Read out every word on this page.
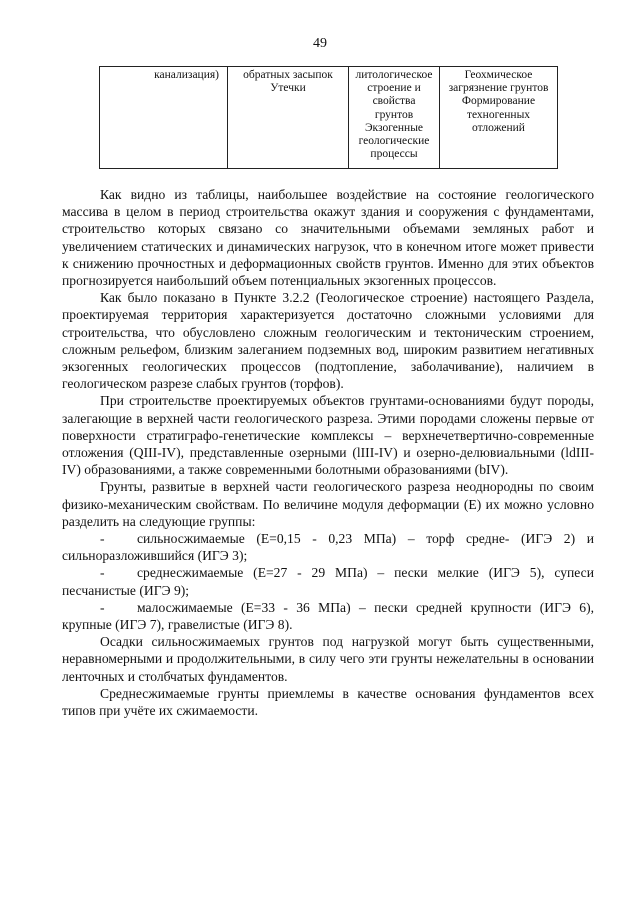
49
канализация)	обратных засыпок Утечки	литологическое строение и свойства грунтов Экзогенные геологические процессы	Геохмическое загрязнение грунтов Формирование техногенных отложений

Как видно из таблицы, наибольшее воздействие на состояние геологического массива в целом в период строительства окажут здания и сооружения с фундаментами, строительство которых связано со значительными объемами земляных работ и увеличением статических и динамических нагрузок, что в конечном итоге может привести к снижению прочностных и деформационных свойств грунтов. Именно для этих объектов прогнозируется наибольший объем потенциальных экзогенных процессов.

Как было показано в Пункте 3.2.2 (Геологическое строение) настоящего Раздела, проектируемая территория характеризуется достаточно сложными условиями для строительства, что обусловлено сложным геологическим и тектоническим строением, сложным рельефом, близким залеганием подземных вод, широким развитием негативных экзогенных геологических процессов (подтопление, заболачивание), наличием в геологическом разрезе слабых грунтов (торфов).

При строительстве проектируемых объектов грунтами-основаниями будут породы, залегающие в верхней части геологического разреза. Этими породами сложены первые от поверхности стратиграфо-генетические комплексы – верхнечетвертично-современные отложения (QIII-IV), представленные озерными (lIII-IV) и озерно-делювиальными (ldIII-IV) образованиями, а также современными болотными образованиями (bIV).

Грунты, развитые в верхней части геологического разреза неоднородны по своим физико-механическим свойствам. По величине модуля деформации (Е) их можно условно разделить на следующие группы:

- сильносжимаемые (Е=0,15 - 0,23 МПа) – торф средне- (ИГЭ 2) и сильноразложившийся (ИГЭ 3);

- среднесжимаемые (Е=27 - 29 МПа) – пески мелкие (ИГЭ 5), супеси песчанистые (ИГЭ 9);

- малосжимаемые (Е=33 - 36 МПа) – пески средней крупности (ИГЭ 6), крупные (ИГЭ 7), гравелистые (ИГЭ 8).

Осадки сильносжимаемых грунтов под нагрузкой могут быть существенными, неравномерными и продолжительными, в силу чего эти грунты нежелательны в основании ленточных и столбчатых фундаментов.

Среднесжимаемые грунты приемлемы в качестве основания фундаментов всех типов при учёте их сжимаемости.
